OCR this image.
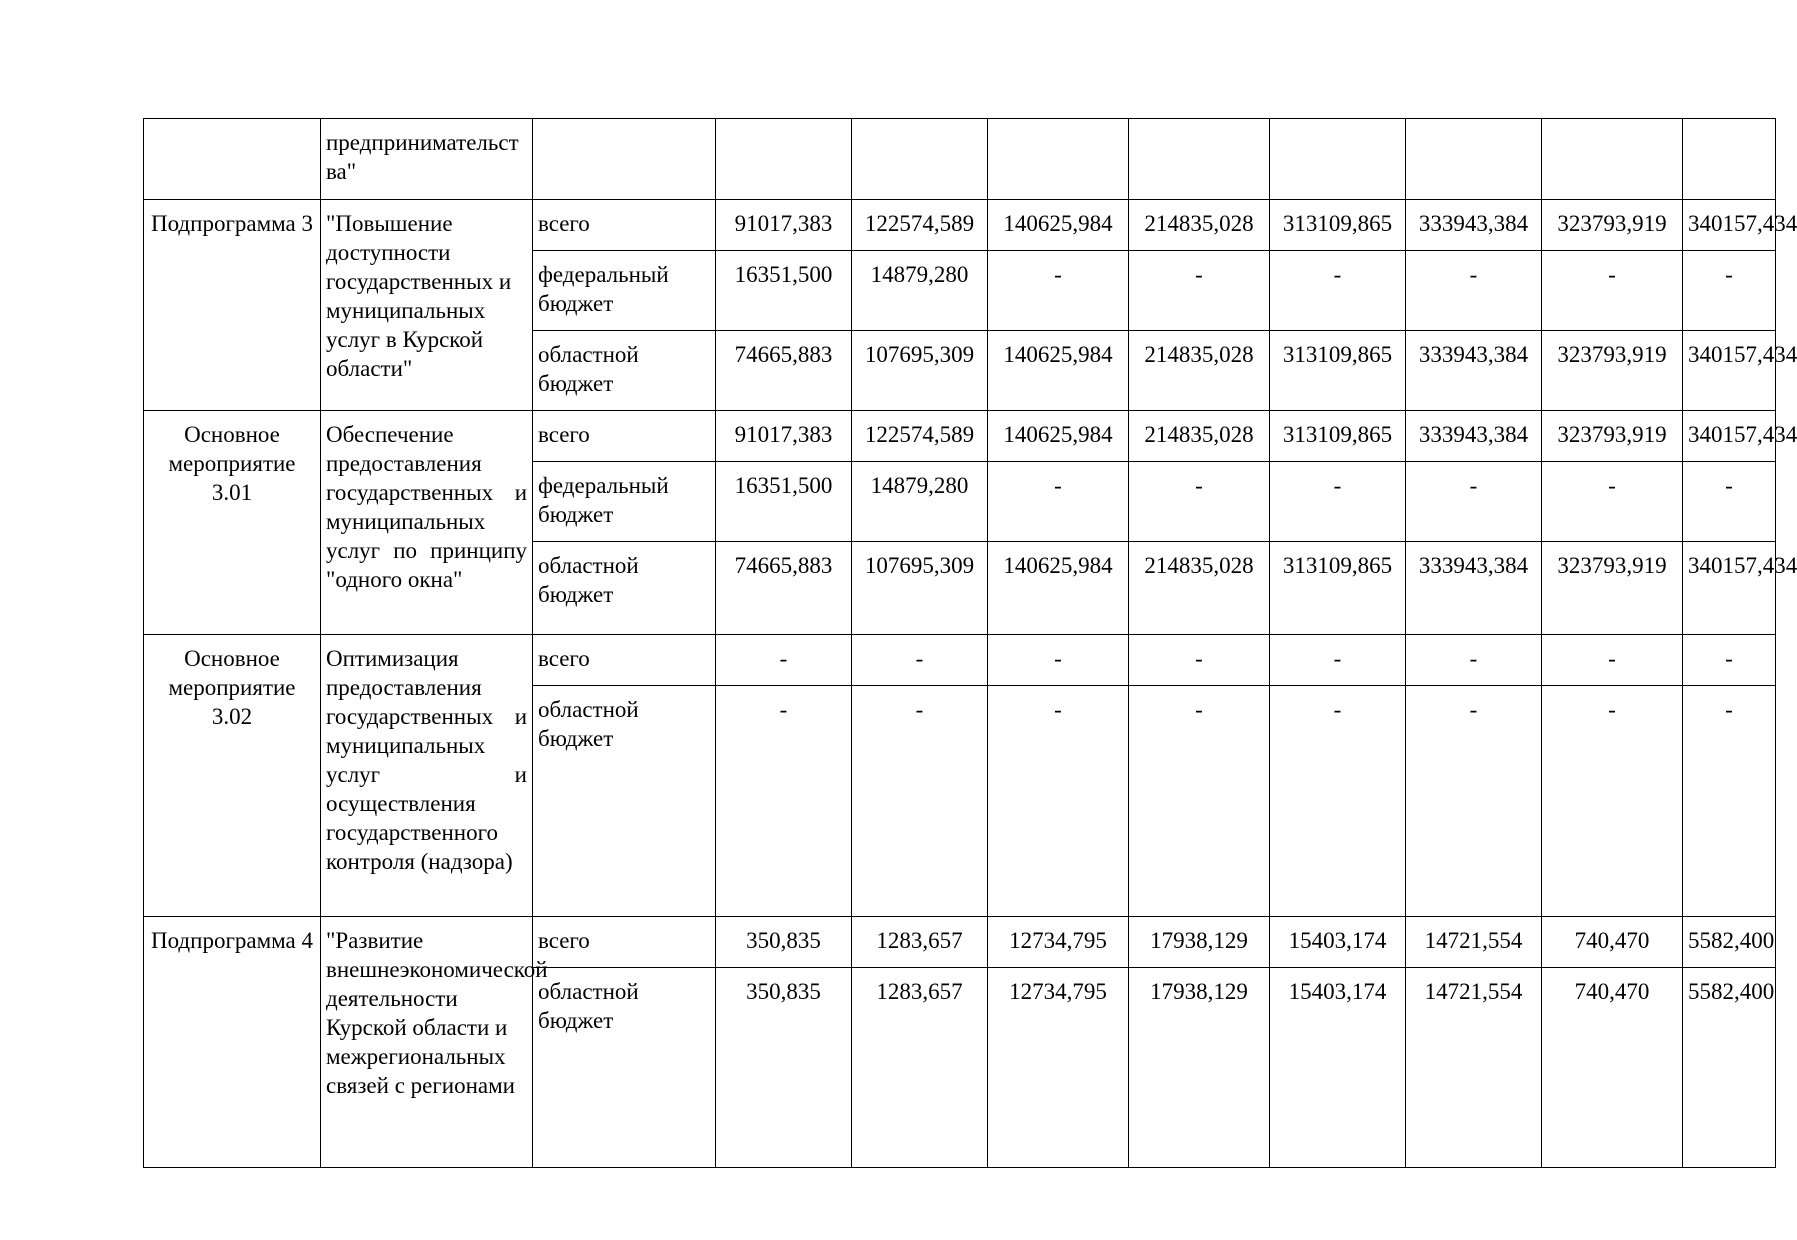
	предпринимательства"									
Подпрограмма 3	"Повышение доступности государственных и муниципальных услуг в Курской области"	всего	91017,383	122574,589	140625,984	214835,028	313109,865	333943,384	323793,919	340157,434
		федеральный бюджет	16351,500	14879,280	-	-	-	-	-	-
		областной бюджет	74665,883	107695,309	140625,984	214835,028	313109,865	333943,384	323793,919	340157,434
Основное мероприятие 3.01	Обеспечение предоставления государственных и муниципальных услуг по принципу "одного окна"	всего	91017,383	122574,589	140625,984	214835,028	313109,865	333943,384	323793,919	340157,434
		федеральный бюджет	16351,500	14879,280	-	-	-	-	-	-
		областной бюджет	74665,883	107695,309	140625,984	214835,028	313109,865	333943,384	323793,919	340157,434
Основное мероприятие 3.02	Оптимизация предоставления государственных и муниципальных услуг и осуществления государственного контроля (надзора)	всего	-	-	-	-	-	-	-	-
		областной бюджет	-	-	-	-	-	-	-	-
Подпрограмма 4	"Развитие внешнеэкономической деятельности Курской области и межрегиональных связей с регионами	всего	350,835	1283,657	12734,795	17938,129	15403,174	14721,554	740,470	5582,400
		областной бюджет	350,835	1283,657	12734,795	17938,129	15403,174	14721,554	740,470	5582,400
